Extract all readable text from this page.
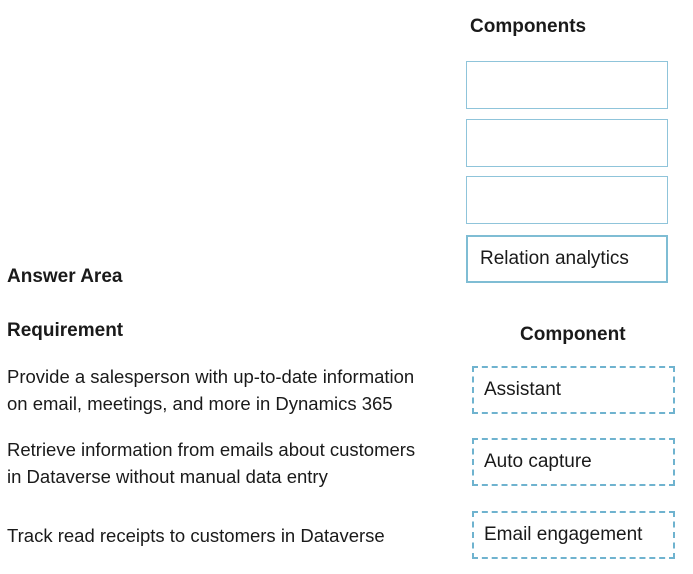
Components
Relation analytics
Answer Area
Requirement	Component
Provide a salesperson with up-to-date information
on email, meetings, and more in Dynamics 365
Assistant
Retrieve information from emails about customers
in Dataverse without manual data entry
Auto capture
Track read receipts to customers in Dataverse	Email engagement
